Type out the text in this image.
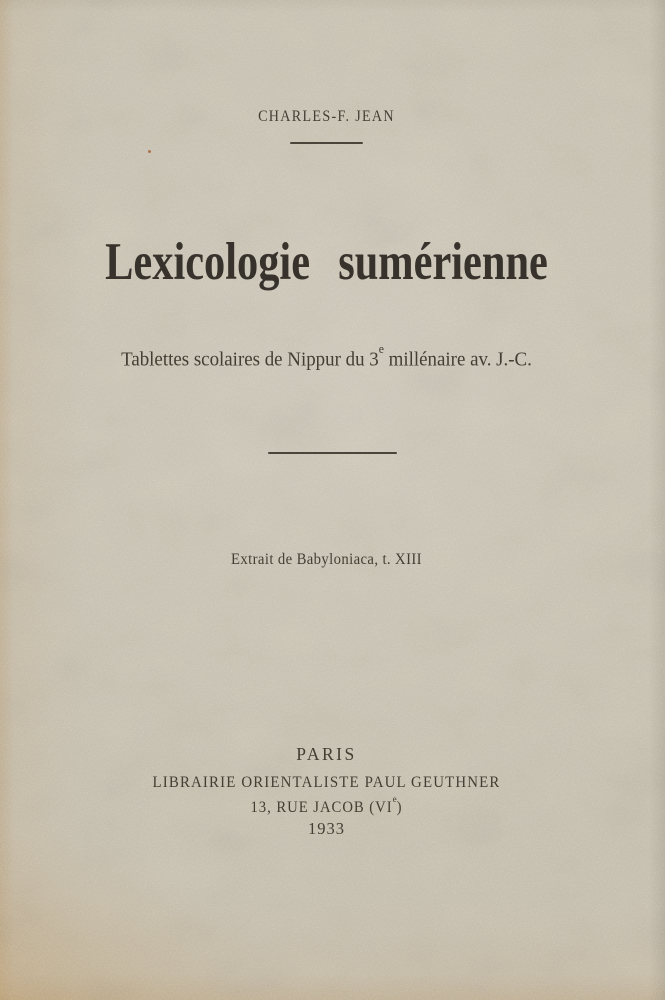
CHARLES-F. JEAN
Lexicologie sumérienne
Tablettes scolaires de Nippur du 3e millénaire av. J.-C.
Extrait de Babyloniaca, t. XIII
PARIS
LIBRAIRIE ORIENTALISTE PAUL GEUTHNER
13, RUE JACOB (VIe)
1933
